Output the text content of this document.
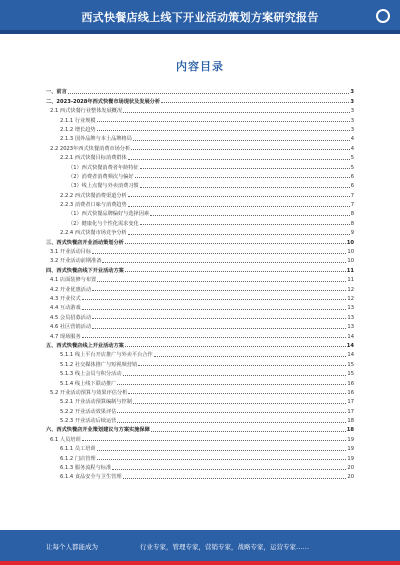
西式快餐店线上线下开业活动策划方案研究报告
内容目录
一、前言	3
二、2023-2028年西式快餐市场现状及发展分析	3
2.1 西式快餐行业整体发展概况	3
2.1.1 行业规模	3
2.1.2 增长趋势	3
2.1.3 国外品牌与本土品牌格局	4
2.2 2023年西式快餐消费市场分析	4
2.2.1 西式快餐目标消费群体	5
（1）西式快餐消费者年龄特征	5
（2）消费者消费频次与偏好	6
（3）线上点餐与外卖消费习惯	6
2.2.2 西式快餐消费渠道分析	7
2.2.3 消费者口味与消费趋势	7
（1）西式快餐品牌偏好与选择因素	8
（2）健康化与个性化需求变化	8
2.2.4 西式快餐市场竞争分析	9
三、西式快餐店开业活动策划分析	10
3.1 开业活动目标	10
3.2 开业活动前期准备	10
四、西式快餐店线下开业活动方案	11
4.1 店面装修与布置	11
4.2 开业优惠活动	12
4.3 开业仪式	12
4.4 互动游戏	13
4.5 会员招募活动	13
4.6 社区营销活动	13
4.7 现场服务	14
五、西式快餐店线上开业活动方案	14
5.1.1 线上平台开店推广与外卖平台合作	14
5.1.2 社交媒体推广与短视频营销	15
5.1.3 线上会员与积分活动	15
5.1.4 线上线下联动推广	16
5.2 开业活动预算与效果评估分析	16
5.2.1 开业活动预算编制与控制	17
5.2.2 开业活动效果评估	17
5.2.3 开业活动后续运营	18
六、西式快餐店开业策划建议与方案实施保障	18
6.1 人员培训	19
6.1.1 员工培训	19
6.1.2 门店管理	19
6.1.3 服务流程与标准	20
6.1.4 食品安全与卫生管理	20
让每个人都能成为	行业专家，管理专家，营销专家，战略专家，运营专家……
